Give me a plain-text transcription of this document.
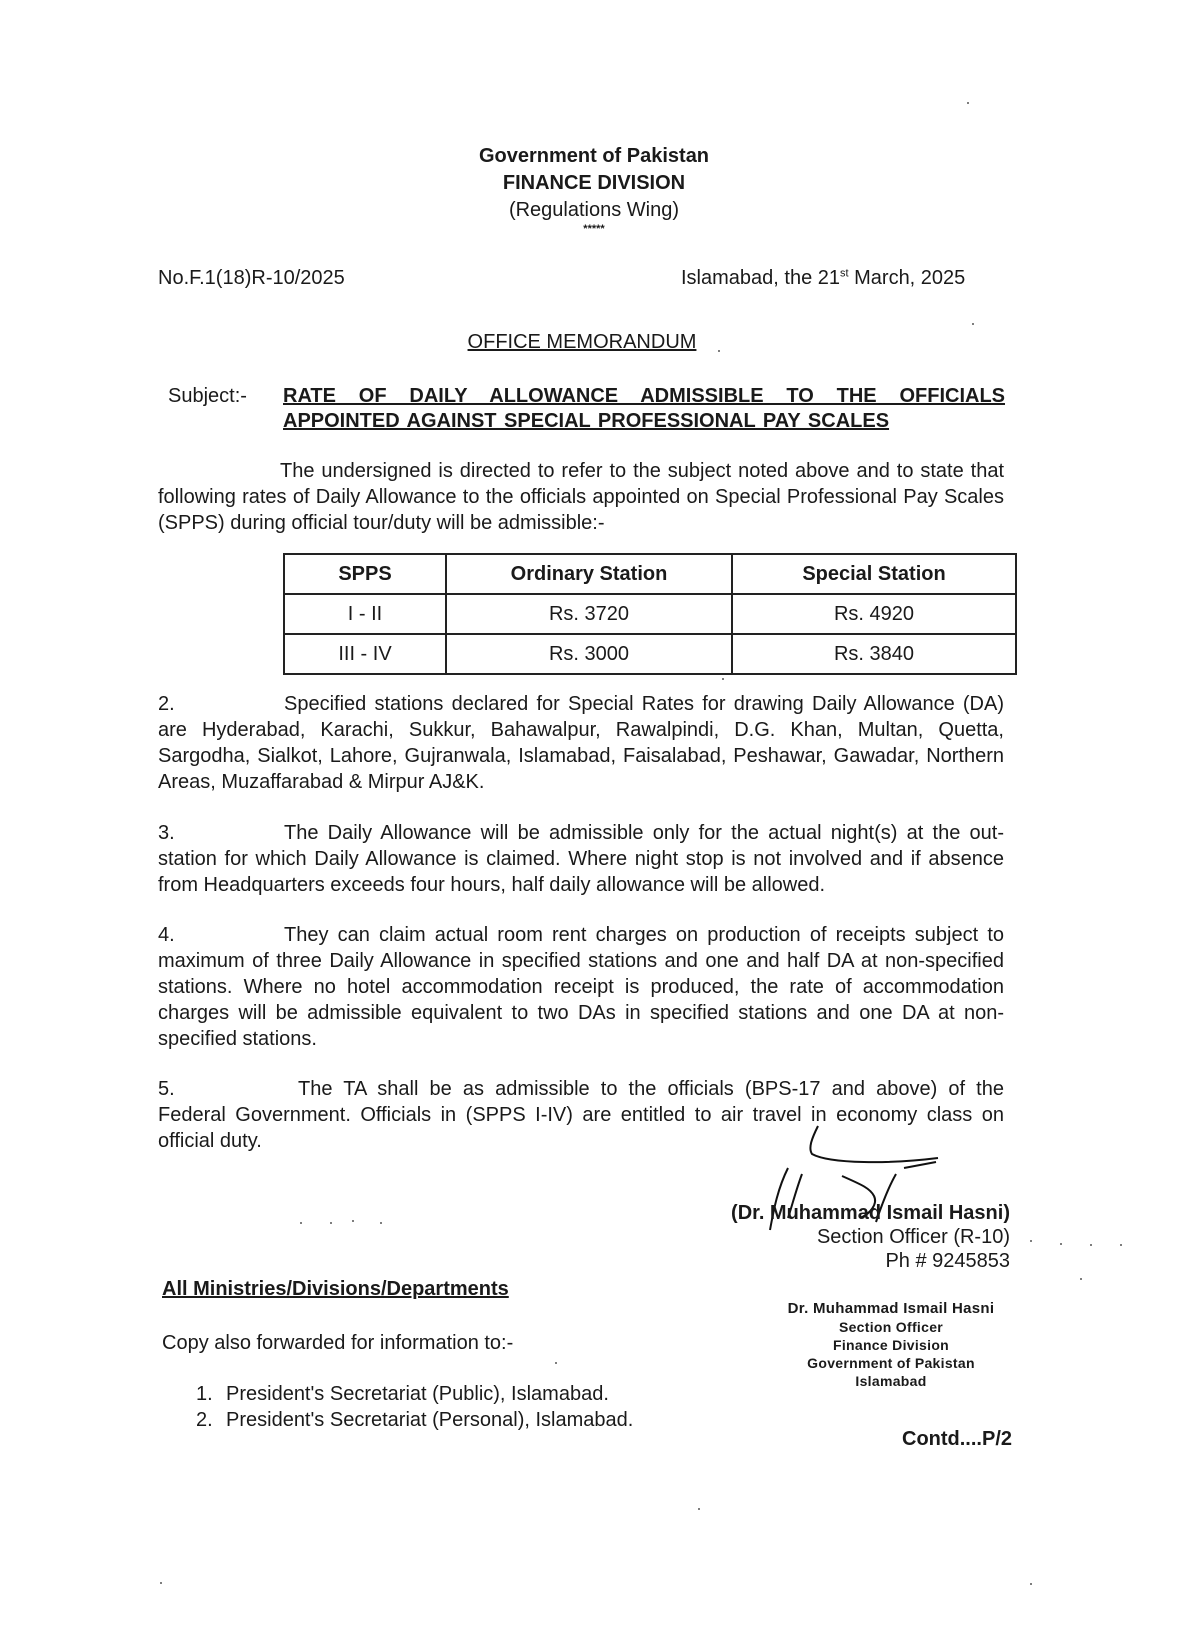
Government of Pakistan
FINANCE DIVISION
(Regulations Wing)
*****
No.F.1(18)R-10/2025	Islamabad, the 21st March, 2025
OFFICE MEMORANDUM
Subject:- RATE OF DAILY ALLOWANCE ADMISSIBLE TO THE OFFICIALS
APPOINTED AGAINST SPECIAL PROFESSIONAL PAY SCALES
The undersigned is directed to refer to the subject noted above and to state that following rates of Daily Allowance to the officials appointed on Special Professional Pay Scales (SPPS) during official tour/duty will be admissible:-
SPPS	Ordinary Station	Special Station
I - II	Rs. 3720	Rs. 4920
III - IV	Rs. 3000	Rs. 3840
2.	Specified stations declared for Special Rates for drawing Daily Allowance (DA) are Hyderabad, Karachi, Sukkur, Bahawalpur, Rawalpindi, D.G. Khan, Multan, Quetta, Sargodha, Sialkot, Lahore, Gujranwala, Islamabad, Faisalabad, Peshawar, Gawadar, Northern Areas, Muzaffarabad & Mirpur AJ&K.
3.	The Daily Allowance will be admissible only for the actual night(s) at the out-station for which Daily Allowance is claimed. Where night stop is not involved and if absence from Headquarters exceeds four hours, half daily allowance will be allowed.
4.	They can claim actual room rent charges on production of receipts subject to maximum of three Daily Allowance in specified stations and one and half DA at non-specified stations. Where no hotel accommodation receipt is produced, the rate of accommodation charges will be admissible equivalent to two DAs in specified stations and one DA at non-specified stations.
5.	The TA shall be as admissible to the officials (BPS-17 and above) of the Federal Government. Officials in (SPPS I-IV) are entitled to air travel in economy class on official duty.
(Dr. Muhammad Ismail Hasni)
Section Officer (R-10)
Ph # 9245853
All Ministries/Divisions/Departments
Dr. Muhammad Ismail Hasni
Section Officer
Finance Division
Government of Pakistan
Islamabad
Copy also forwarded for information to:-
1. President's Secretariat (Public), Islamabad.
2. President's Secretariat (Personal), Islamabad.
Contd....P/2
